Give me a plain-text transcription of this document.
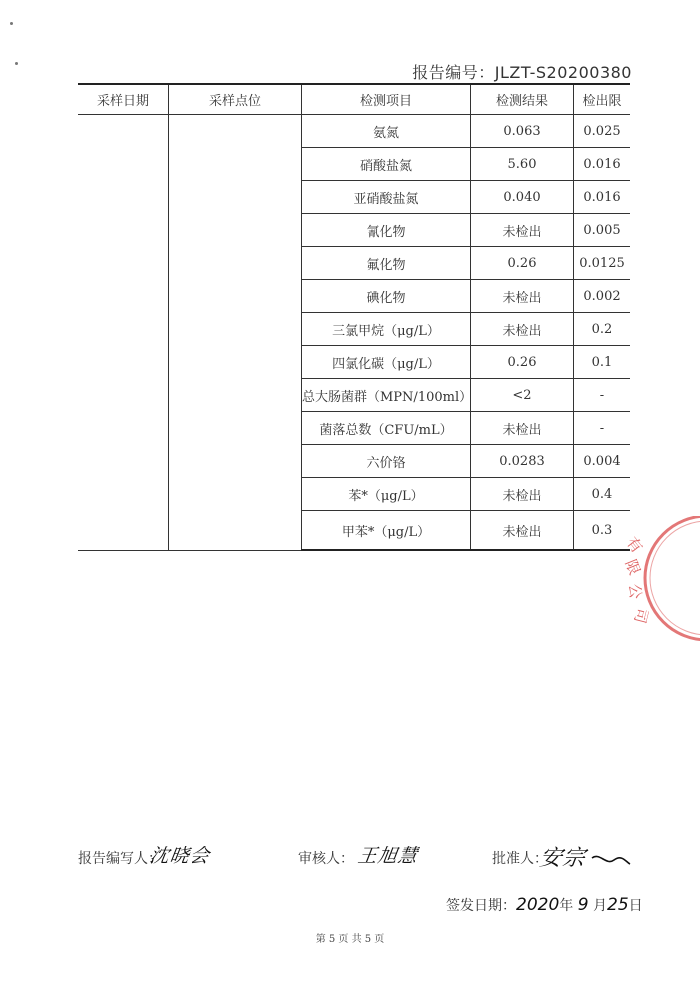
报告编号：JLZT-S20200380
采样日期	采样点位	检测项目	检测结果	检出限
		氨氮	0.063	0.025
		硝酸盐氮	5.60	0.016
		亚硝酸盐氮	0.040	0.016
		氰化物	未检出	0.005
		氟化物	0.26	0.0125
		碘化物	未检出	0.002
		三氯甲烷（μg/L）	未检出	0.2
		四氯化碳（μg/L）	0.26	0.1
		总大肠菌群（MPN/100ml）	<2	-
		菌落总数（CFU/mL）	未检出	-
		六价铬	0.0283	0.004
		苯*（μg/L）	未检出	0.4
		甲苯*（μg/L）	未检出	0.3
有
限
公
司
报告编写人：
沈晓会	审核人： 王旭慧	批准人：
安宗
签发日期：2020年 9 月25日
第 5 页 共 5 页
